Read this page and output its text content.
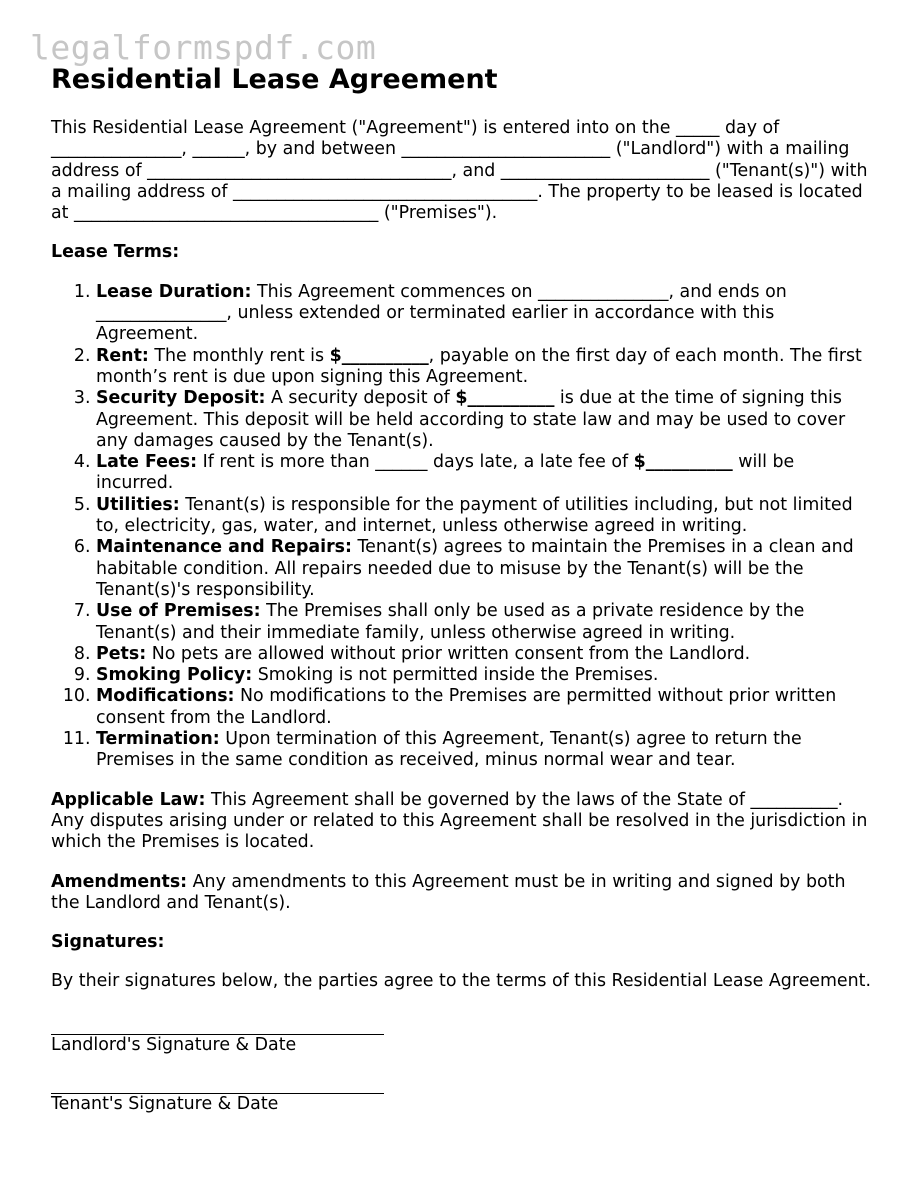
legalformspdf.com
Residential Lease Agreement

This Residential Lease Agreement ("Agreement") is entered into on the _____ day of _______________, ______, by and between ________________________ ("Landlord") with a mailing address of ___________________________________, and ________________________ ("Tenant(s)") with a mailing address of ___________________________________. The property to be leased is located at ___________________________________ ("Premises").

Lease Terms:

1. Lease Duration: This Agreement commences on _______________, and ends on _______________, unless extended or terminated earlier in accordance with this Agreement.
2. Rent: The monthly rent is $__________, payable on the first day of each month. The first month’s rent is due upon signing this Agreement.
3. Security Deposit: A security deposit of $__________ is due at the time of signing this Agreement. This deposit will be held according to state law and may be used to cover any damages caused by the Tenant(s).
4. Late Fees: If rent is more than ______ days late, a late fee of $__________ will be incurred.
5. Utilities: Tenant(s) is responsible for the payment of utilities including, but not limited to, electricity, gas, water, and internet, unless otherwise agreed in writing.
6. Maintenance and Repairs: Tenant(s) agrees to maintain the Premises in a clean and habitable condition. All repairs needed due to misuse by the Tenant(s) will be the Tenant(s)'s responsibility.
7. Use of Premises: The Premises shall only be used as a private residence by the Tenant(s) and their immediate family, unless otherwise agreed in writing.
8. Pets: No pets are allowed without prior written consent from the Landlord.
9. Smoking Policy: Smoking is not permitted inside the Premises.
10. Modifications: No modifications to the Premises are permitted without prior written consent from the Landlord.
11. Termination: Upon termination of this Agreement, Tenant(s) agree to return the Premises in the same condition as received, minus normal wear and tear.

Applicable Law: This Agreement shall be governed by the laws of the State of __________. Any disputes arising under or related to this Agreement shall be resolved in the jurisdiction in which the Premises is located.

Amendments: Any amendments to this Agreement must be in writing and signed by both the Landlord and Tenant(s).

Signatures:

By their signatures below, the parties agree to the terms of this Residential Lease Agreement.

Landlord's Signature & Date

Tenant's Signature & Date
